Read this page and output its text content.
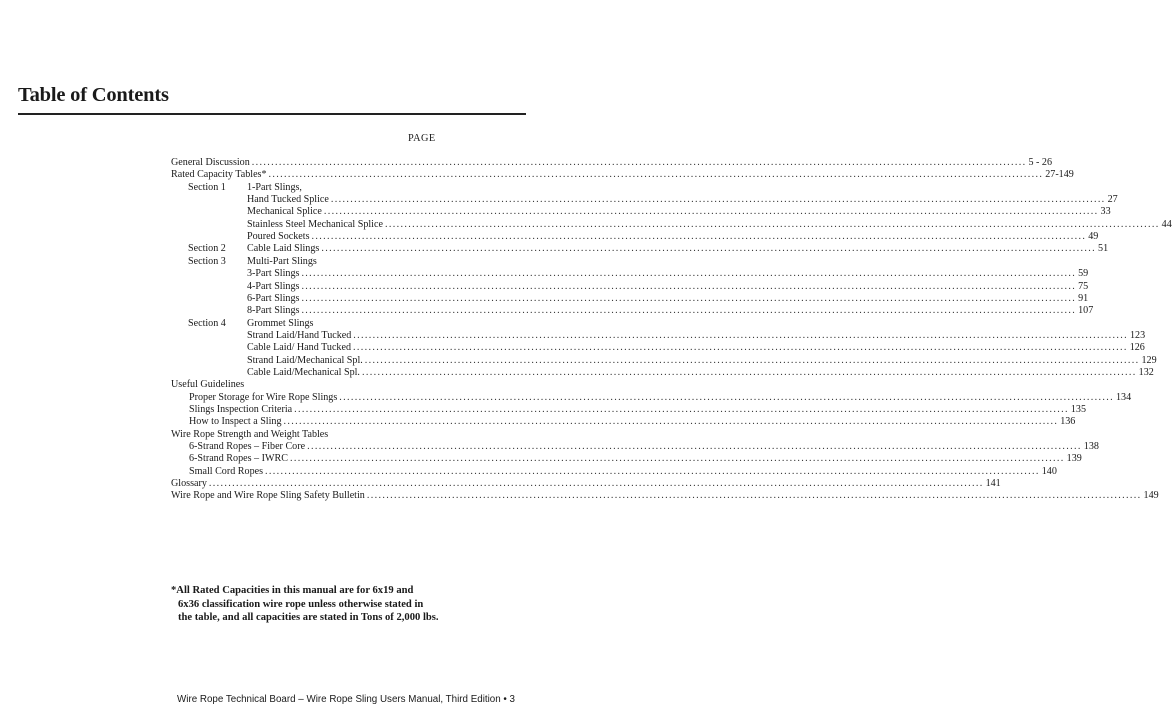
Table of Contents
PAGE
General Discussion ........................................................................................................................................................................................................ 5 - 26
Rated Capacity Tables* ........................................................................................................................................................................................................ 27-149
Section 1	1-Part Slings,
Hand Tucked Splice ........................................................................................................................................................................................................ 27
Mechanical Splice ........................................................................................................................................................................................................ 33
Stainless Steel Mechanical Splice ........................................................................................................................................................................................................ 44
Poured Sockets ........................................................................................................................................................................................................ 49
Section 2	Cable Laid Slings ........................................................................................................................................................................................................ 51
Section 3	Multi-Part Slings
3-Part Slings ........................................................................................................................................................................................................ 59
4-Part Slings ........................................................................................................................................................................................................ 75
6-Part Slings ........................................................................................................................................................................................................ 91
8-Part Slings ........................................................................................................................................................................................................ 107
Section 4	Grommet Slings
Strand Laid/Hand Tucked ........................................................................................................................................................................................................ 123
Cable Laid/ Hand Tucked ........................................................................................................................................................................................................ 126
Strand Laid/Mechanical Spl. ........................................................................................................................................................................................................ 129
Cable Laid/Mechanical Spl. ........................................................................................................................................................................................................ 132
Useful Guidelines
Proper Storage for Wire Rope Slings ........................................................................................................................................................................................................ 134
Slings Inspection Criteria ........................................................................................................................................................................................................ 135
How to Inspect a Sling ........................................................................................................................................................................................................ 136
Wire Rope Strength and Weight Tables
6-Strand Ropes – Fiber Core ........................................................................................................................................................................................................ 138
6-Strand Ropes – IWRC ........................................................................................................................................................................................................ 139
Small Cord Ropes ........................................................................................................................................................................................................ 140
Glossary ........................................................................................................................................................................................................ 141
Wire Rope and Wire Rope Sling Safety Bulletin ........................................................................................................................................................................................................ 149
*All Rated Capacities in this manual are for 6x19 and
6x36 classification wire rope unless otherwise stated in
the table, and all capacities are stated in Tons of 2,000 lbs.
Wire Rope Technical Board – Wire Rope Sling Users Manual, Third Edition • 3
